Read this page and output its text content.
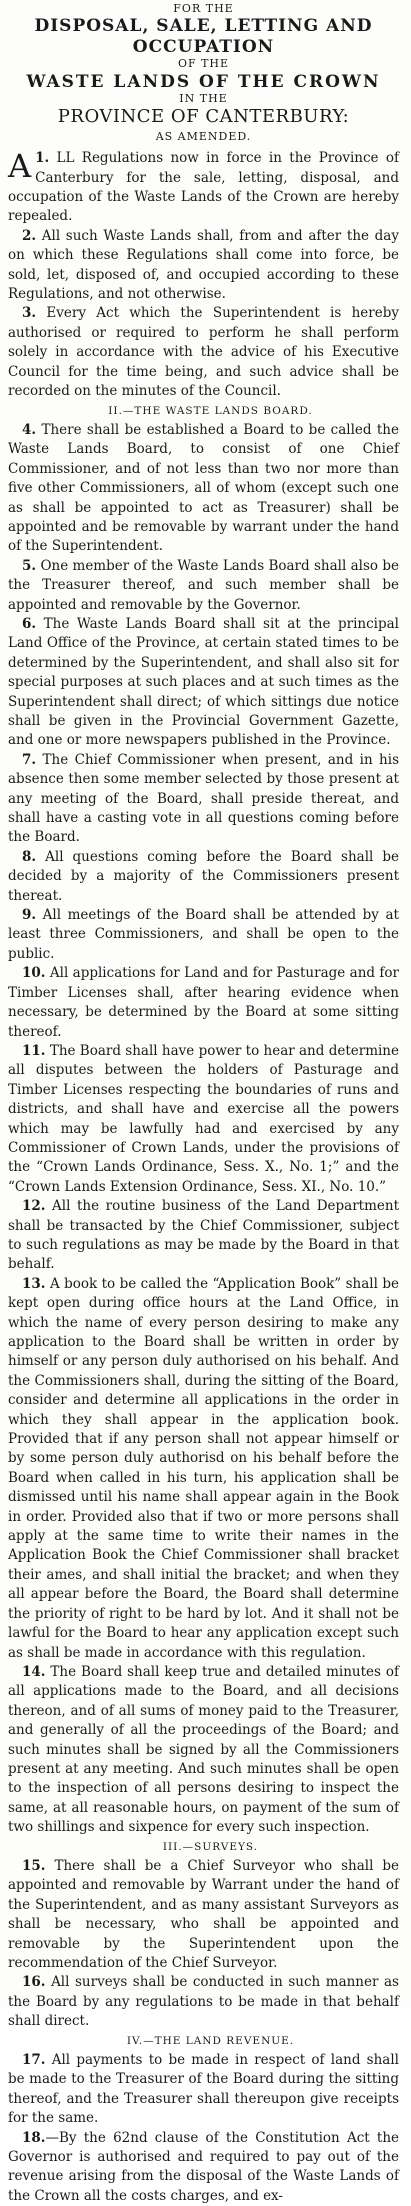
FOR THE

DISPOSAL, SALE, LETTING AND

OCCUPATION

OF THE

WASTE LANDS OF THE CROWN

IN THE

PROVINCE OF CANTERBURY:

AS AMENDED.

1.
A LL Regulations now in force in the Province of Canterbury for the sale, letting, disposal, and occupation of the Waste Lands of the Crown are hereby repealed.

2. All such Waste Lands shall, from and after the day on which these Regulations shall come into force, be sold, let, disposed of, and occupied according to these Regulations, and not otherwise.

3. Every Act which the Superintendent is hereby authorised or required to perform he shall perform solely in accordance with the advice of his Executive Council for the time being, and such advice shall be recorded on the minutes of the Council.

II.—THE WASTE LANDS BOARD.

4. There shall be established a Board to be called the Waste Lands Board, to consist of one Chief Commissioner, and of not less than two nor more than five other Commissioners, all of whom (except such one as shall be appointed to act as Treasurer) shall be appointed and be removable by warrant under the hand of the Superintendent.

5. One member of the Waste Lands Board shall also be the Treasurer thereof, and such member shall be appointed and removable by the Governor.

6. The Waste Lands Board shall sit at the principal Land Office of the Province, at certain stated times to be determined by the Superintendent, and shall also sit for special purposes at such places and at such times as the Superintendent shall direct; of which sittings due notice shall be given in the Provincial Government Gazette, and one or more newspapers published in the Province.

7. The Chief Commissioner when present, and in his absence then some member selected by those present at any meeting of the Board, shall preside thereat, and shall have a casting vote in all questions coming before the Board.

8. All questions coming before the Board shall be decided by a majority of the Commissioners present thereat.

9. All meetings of the Board shall be attended by at least three Commissioners, and shall be open to the public.

10. All applications for Land and for Pasturage and for Timber Licenses shall, after hearing evidence when necessary, be determined by the Board at some sitting thereof.

11. The Board shall have power to hear and determine all disputes between the holders of Pasturage and Timber Licenses respecting the boundaries of runs and districts, and shall have and exercise all the powers which may be lawfully had and exercised by any Commissioner of Crown Lands, under the provisions of the “Crown Lands Ordinance, Sess. X., No. 1;” and the “Crown Lands Extension Ordinance, Sess. XI., No. 10.”

12. All the routine business of the Land Department shall be transacted by the Chief Commissioner, subject to such regulations as may be made by the Board in that behalf.

13. A book to be called the “Application Book” shall be kept open during office hours at the Land Office, in which the name of every person desiring to make any application to the Board shall be written in order by himself or any person duly authorised on his behalf. And the Commissioners shall, during the sitting of the Board, consider and determine all applications in the order in which they shall appear in the application book. Provided that if any person shall not appear himself or by some person duly authorisd on his behalf before the Board when called in his turn, his application shall be dismissed until his name shall appear again in the Book in order. Provided also that if two or more persons shall apply at the same time to write their names in the Application Book the Chief Commissioner shall bracket their ames, and shall initial the bracket; and when they all appear before the Board, the Board shall determine the priority of right to be hard by lot. And it shall not be lawful for the Board to hear any application except such as shall be made in accordance with this regulation.

14. The Board shall keep true and detailed minutes of all applications made to the Board, and all decisions thereon, and of all sums of money paid to the Treasurer, and generally of all the proceedings of the Board; and such minutes shall be signed by all the Commissioners present at any meeting. And such minutes shall be open to the inspection of all persons desiring to inspect the same, at all reasonable hours, on payment of the sum of two shillings and sixpence for every such inspection.

III.—SURVEYS.

15. There shall be a Chief Surveyor who shall be appointed and removable by Warrant under the hand of the Superintendent, and as many assistant Surveyors as shall be necessary, who shall be appointed and removable by the Superintendent upon the recommendation of the Chief Surveyor.

16. All surveys shall be conducted in such manner as the Board by any regulations to be made in that behalf shall direct.

IV.—THE LAND REVENUE.

17. All payments to be made in respect of land shall be made to the Treasurer of the Board during the sitting thereof, and the Treasurer shall thereupon give receipts for the same.

18.—By the 62nd clause of the Constitution Act the Governor is authorised and required to pay out of the revenue arising from the disposal of the Waste Lands of the Crown all the costs charges, and ex-
